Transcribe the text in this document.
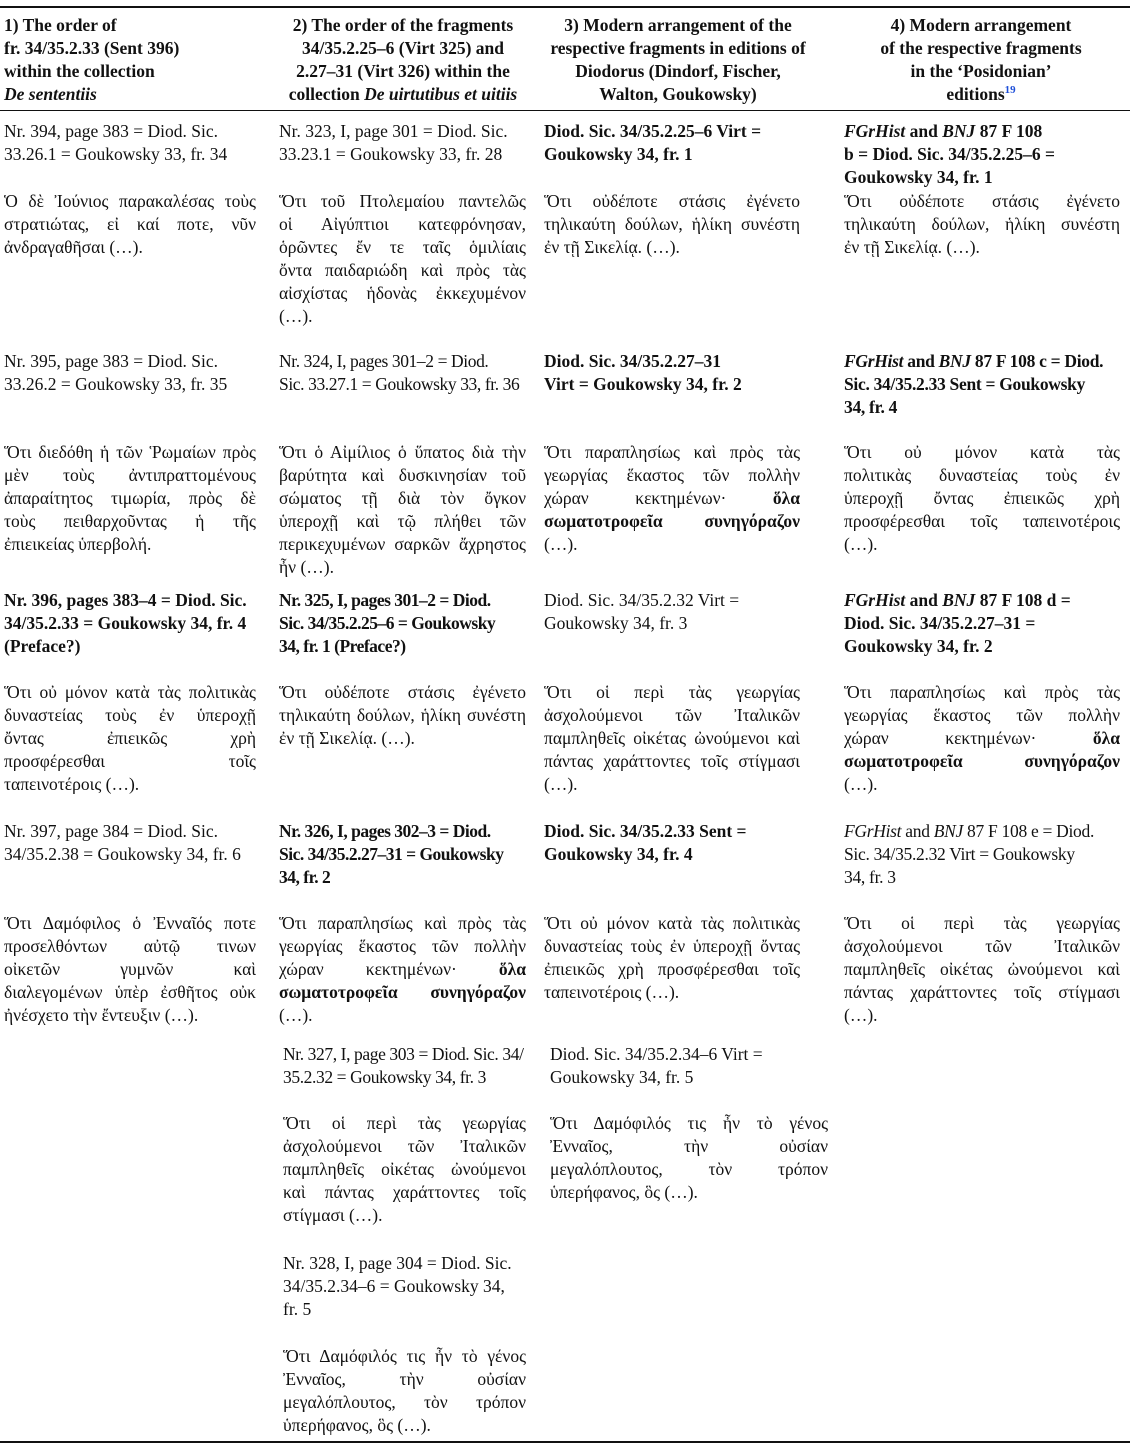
1) The order of
fr. 34/35.2.33 (Sent 396)
within the collection
De sententiis
2) The order of the fragments
34/35.2.25–6 (Virt 325) and
2.27–31 (Virt 326) within the
collection De uirtutibus et uitiis
3) Modern arrangement of the
respective fragments in editions of
Diodorus (Dindorf, Fischer,
Walton, Goukowsky)
4) Modern arrangement
of the respective fragments
in the ‘Posidonian’
editions$^{19}$
Nr. 394, page 383 = Diod. Sic.
33.26.1 = Goukowsky 33, fr. 34
Ὁ δὲ Ἰούνιος παρακαλέσας τοὺς
στρατιώτας, εἰ καί ποτε, νῦν
ἀνδραγαθῆσαι (…).
Nr. 395, page 383 = Diod. Sic.
33.26.2 = Goukowsky 33, fr. 35
Ὅτι διεδόθη ἡ τῶν Ῥωμαίων πρὸς
μὲν τοὺς ἀντιπραττομένους
ἀπαραίτητος τιμωρία, πρὸς δὲ
τοὺς πειθαρχοῦντας ἡ τῆς
ἐπιεικείας ὑπερβολή.
Nr. 396, pages 383–4 = Diod. Sic.
34/35.2.33 = Goukowsky 34, fr. 4
(Preface?)
Ὅτι οὐ μόνον κατὰ τὰς πολιτικὰς
δυναστείας τοὺς ἐν ὑπεροχῇ
ὄντας ἐπιεικῶς χρὴ
προσφέρεσθαι τοῖς
ταπεινοτέροις (…).
Nr. 397, page 384 = Diod. Sic.
34/35.2.38 = Goukowsky 34, fr. 6
Ὅτι Δαμόφιλος ὁ Ἐνναῖός ποτε
προσελθόντων αὐτῷ τινων
οἰκετῶν γυμνῶν καὶ
διαλεγομένων ὑπὲρ ἐσθῆτος οὐκ
ἠνέσχετο τὴν ἔντευξιν (…).
Nr. 323, I, page 301 = Diod. Sic.
33.23.1 = Goukowsky 33, fr. 28
Ὅτι τοῦ Πτολεμαίου παντελῶς
οἱ Αἰγύπτιοι κατεφρόνησαν,
ὁρῶντες ἔν τε ταῖς ὁμιλίαις
ὄντα παιδαριώδη καὶ πρὸς τὰς
αἰσχίστας ἡδονὰς ἐκκεχυμένον
(…).
Nr. 324, I, pages 301–2 = Diod.
Sic. 33.27.1 = Goukowsky 33, fr. 36
Ὅτι ὁ Αἰμίλιος ὁ ὕπατος διὰ τὴν
βαρύτητα καὶ δυσκινησίαν τοῦ
σώματος τῇ διὰ τὸν ὄγκον
ὑπεροχῇ καὶ τῷ πλήθει τῶν
περικεχυμένων σαρκῶν ἄχρηστος
ἦν (…).
Nr. 325, I, pages 301–2 = Diod.
Sic. 34/35.2.25–6 = Goukowsky
34, fr. 1 (Preface?)
Ὅτι οὐδέποτε στάσις ἐγένετο
τηλικαύτη δούλων, ἡλίκη συνέστη
ἐν τῇ Σικελίᾳ. (…).
Nr. 326, I, pages 302–3 = Diod.
Sic. 34/35.2.27–31 = Goukowsky
34, fr. 2
Ὅτι παραπλησίως καὶ πρὸς τὰς
γεωργίας ἕκαστος τῶν πολλὴν
χώραν κεκτημένων· ὅλα
σωματοτροφεῖα συνηγόραζον
(…).
Nr. 327, I, page 303 = Diod. Sic. 34/
35.2.32 = Goukowsky 34, fr. 3
Ὅτι οἱ περὶ τὰς γεωργίας
ἀσχολούμενοι τῶν Ἰταλικῶν
παμπληθεῖς οἰκέτας ὠνούμενοι
καὶ πάντας χαράττοντες τοῖς
στίγμασι (…).
Nr. 328, I, page 304 = Diod. Sic.
34/35.2.34–6 = Goukowsky 34,
fr. 5
Ὅτι Δαμόφιλός τις ἦν τὸ γένος
Ἐνναῖος, τὴν οὐσίαν
μεγαλόπλουτος, τὸν τρόπον
ὑπερήφανος, ὃς (…).
Diod. Sic. 34/35.2.25–6 Virt =
Goukowsky 34, fr. 1
Ὅτι οὐδέποτε στάσις ἐγένετο
τηλικαύτη δούλων, ἡλίκη συνέστη
ἐν τῇ Σικελίᾳ. (…).
Diod. Sic. 34/35.2.27–31
Virt = Goukowsky 34, fr. 2
Ὅτι παραπλησίως καὶ πρὸς τὰς
γεωργίας ἕκαστος τῶν πολλὴν
χώραν κεκτημένων·	ὅλα
σωματοτροφεῖα συνηγόραζον
(…).
Diod. Sic. 34/35.2.32 Virt =
Goukowsky 34, fr. 3
Ὅτι οἱ περὶ τὰς γεωργίας
ἀσχολούμενοι τῶν Ἰταλικῶν
παμπληθεῖς οἰκέτας ὠνούμενοι καὶ
πάντας χαράττοντες τοῖς στίγμασι
(…).
Diod. Sic. 34/35.2.33 Sent =
Goukowsky 34, fr. 4
Ὅτι οὐ μόνον κατὰ τὰς πολιτικὰς
δυναστείας τοὺς ἐν ὑπεροχῇ ὄντας
ἐπιεικῶς χρὴ προσφέρεσθαι τοῖς
ταπεινοτέροις (…).
Diod. Sic. 34/35.2.34–6 Virt =
Goukowsky 34, fr. 5
Ὅτι Δαμόφιλός τις ἦν τὸ γένος
Ἐνναῖος, τὴν οὐσίαν
μεγαλόπλουτος, τὸν τρόπον
ὑπερήφανος, ὃς (…).
FGrHist and BNJ 87 F 108
b = Diod. Sic. 34/35.2.25–6 =
Goukowsky 34, fr. 1
Ὅτι οὐδέποτε στάσις ἐγένετο
τηλικαύτη δούλων, ἡλίκη συνέστη
ἐν τῇ Σικελίᾳ. (…).
FGrHist and BNJ 87 F 108 c = Diod.
Sic. 34/35.2.33 Sent = Goukowsky
34, fr. 4
Ὅτι οὐ μόνον κατὰ τὰς
πολιτικὰς δυναστείας τοὺς ἐν
ὑπεροχῇ ὄντας ἐπιεικῶς χρὴ
προσφέρεσθαι τοῖς ταπεινοτέροις
(…).
FGrHist and BNJ 87 F 108 d =
Diod. Sic. 34/35.2.27–31 =
Goukowsky 34, fr. 2
Ὅτι παραπλησίως καὶ πρὸς τὰς
γεωργίας ἕκαστος τῶν πολλὴν
χώραν κεκτημένων·	ὅλα
σωματοτροφεῖα συνηγόραζον
(…).
FGrHist and BNJ 87 F 108 e = Diod.
Sic. 34/35.2.32 Virt = Goukowsky
34, fr. 3
Ὅτι οἱ περὶ τὰς γεωργίας
ἀσχολούμενοι τῶν Ἰταλικῶν
παμπληθεῖς οἰκέτας ὠνούμενοι καὶ
πάντας χαράττοντες τοῖς στίγμασι
(…).
